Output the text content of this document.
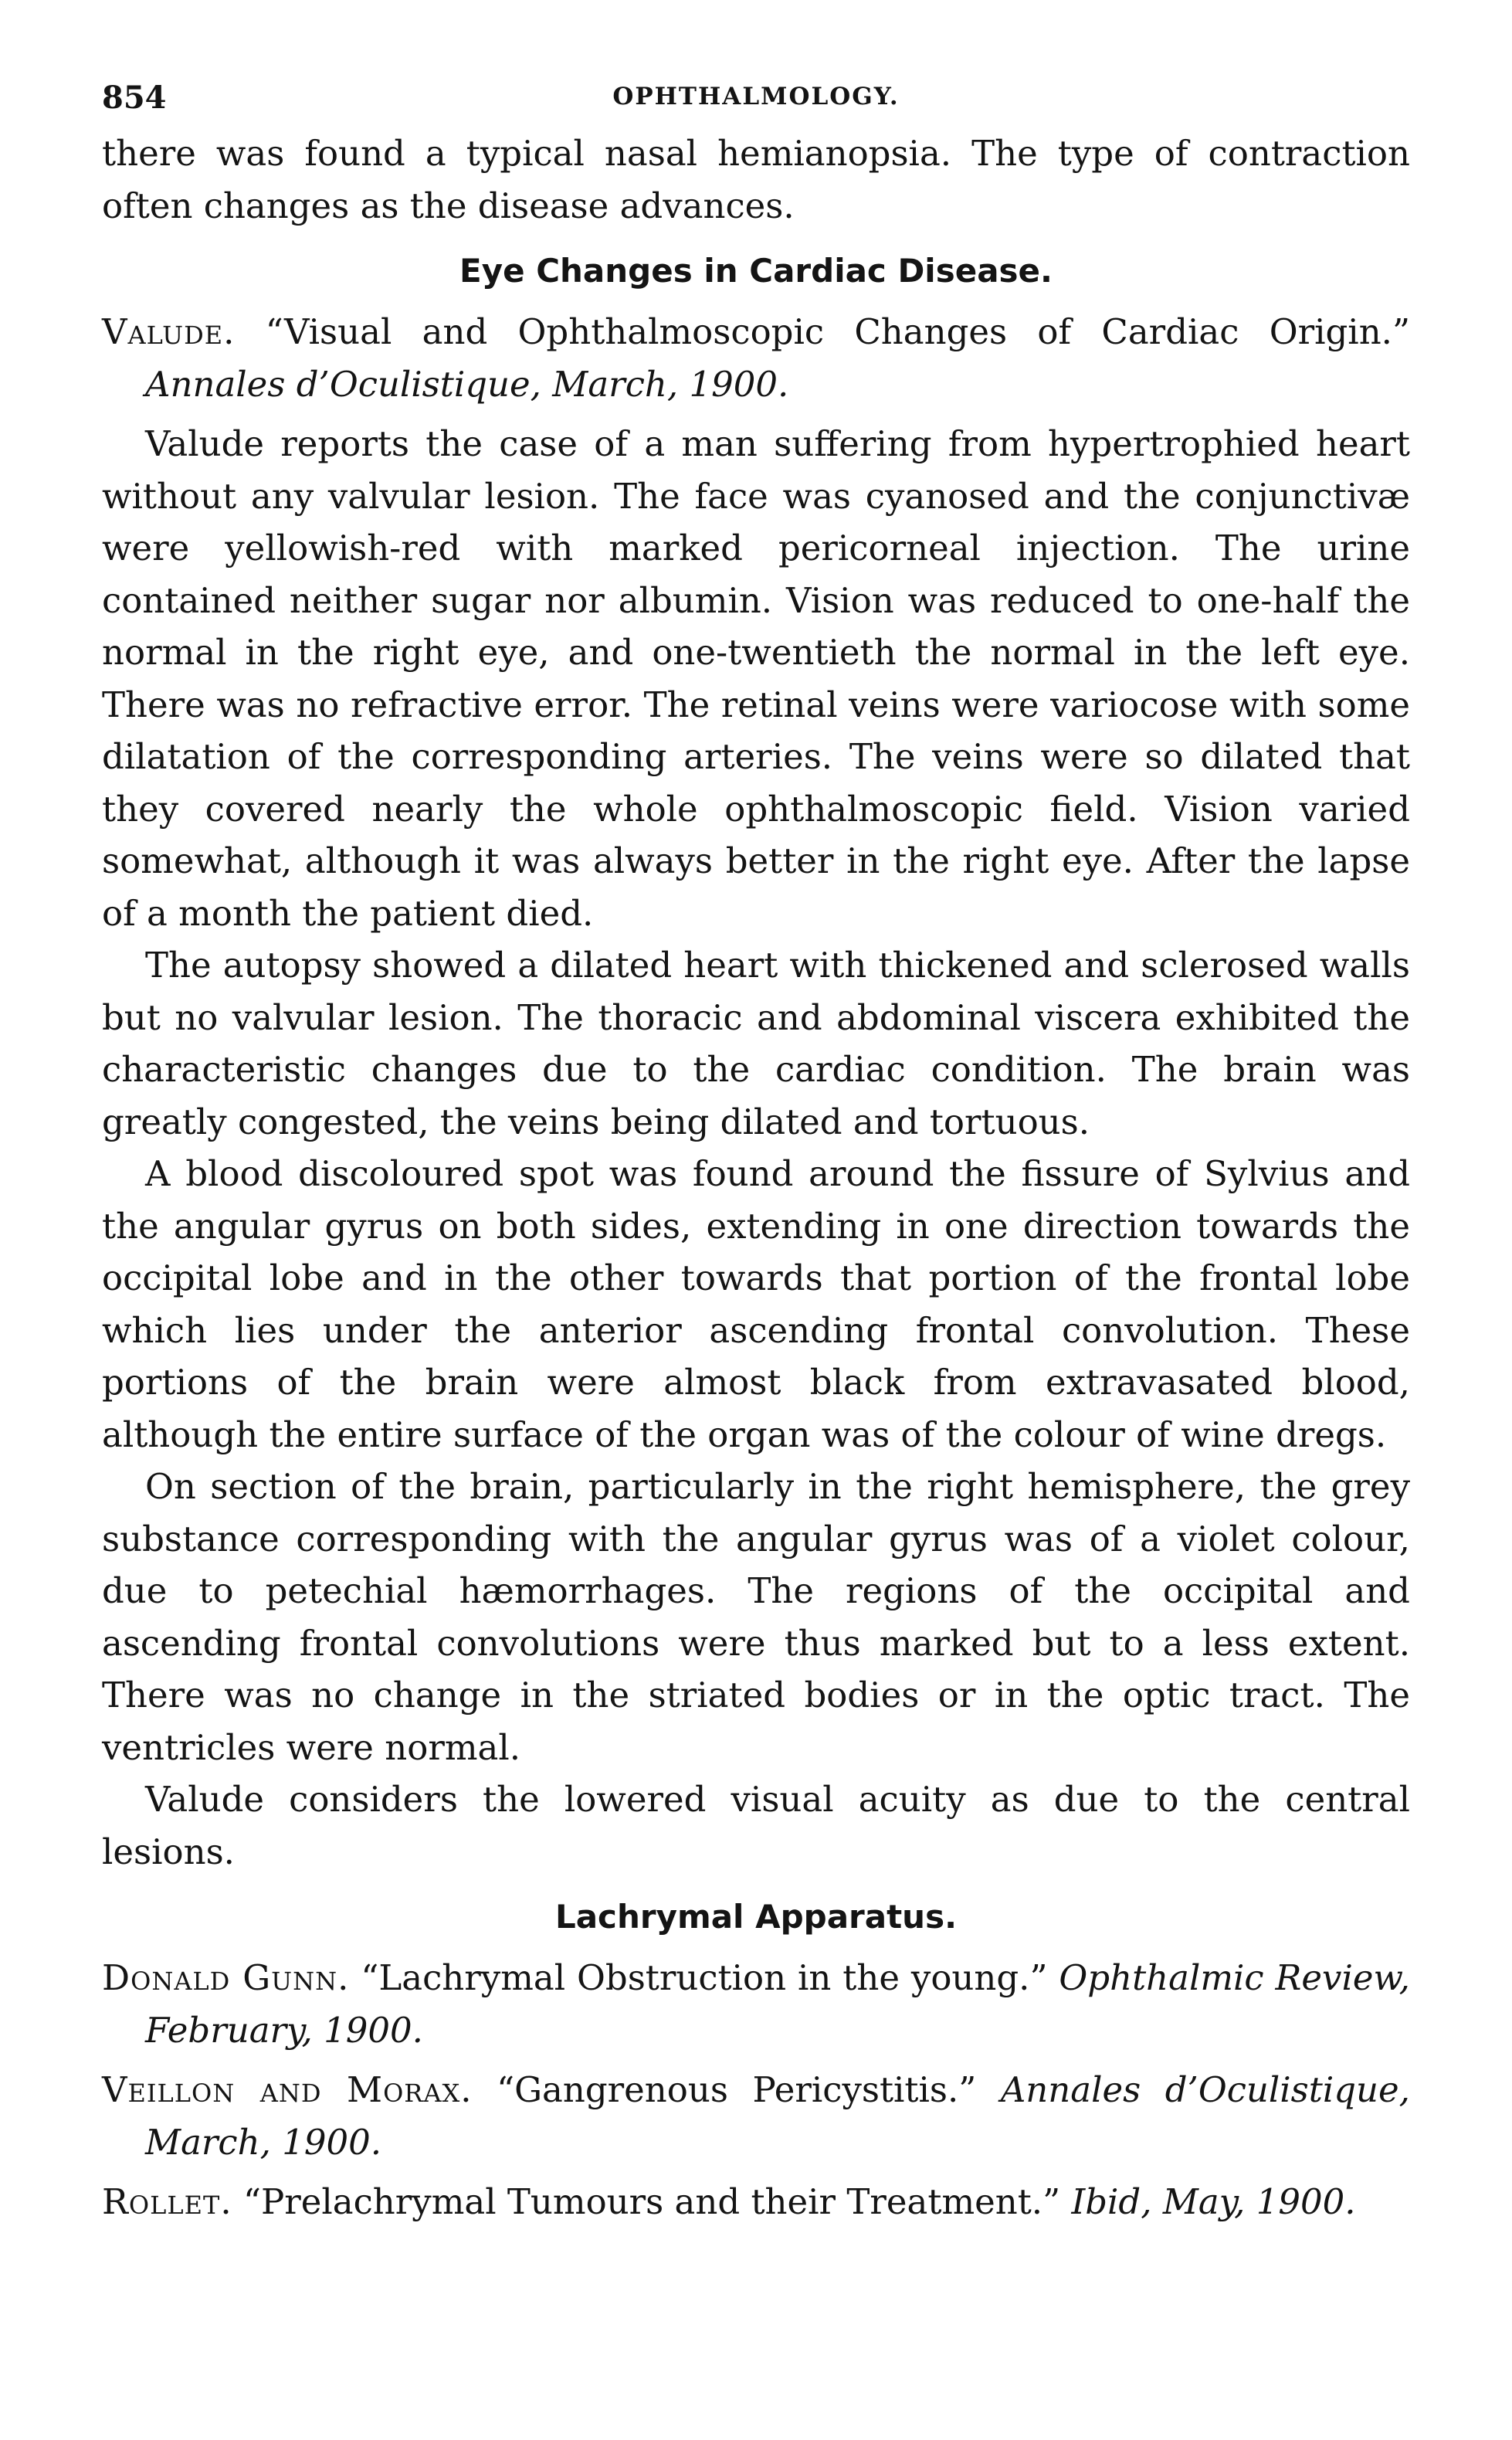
854	OPHTHALMOLOGY.

there was found a typical nasal hemianopsia. The type of contraction often changes as the disease advances.

Eye Changes in Cardiac Disease.

Valude. “Visual and Ophthalmoscopic Changes of Cardiac Origin.” Annales d’Oculistique, March, 1900.

Valude reports the case of a man suffering from hypertrophied heart without any valvular lesion. The face was cyanosed and the conjunctivæ were yellowish-red with marked pericorneal injection. The urine contained neither sugar nor albumin. Vision was reduced to one-half the normal in the right eye, and one-twentieth the normal in the left eye. There was no refractive error. The retinal veins were variocose with some dilatation of the corresponding arteries. The veins were so dilated that they covered nearly the whole ophthalmoscopic field. Vision varied somewhat, although it was always better in the right eye. After the lapse of a month the patient died.

The autopsy showed a dilated heart with thickened and sclerosed walls but no valvular lesion. The thoracic and abdominal viscera exhibited the characteristic changes due to the cardiac condition. The brain was greatly congested, the veins being dilated and tortuous.

A blood discoloured spot was found around the fissure of Sylvius and the angular gyrus on both sides, extending in one direction towards the occipital lobe and in the other towards that portion of the frontal lobe which lies under the anterior ascending frontal convolution. These portions of the brain were almost black from extravasated blood, although the entire surface of the organ was of the colour of wine dregs.

On section of the brain, particularly in the right hemisphere, the grey substance corresponding with the angular gyrus was of a violet colour, due to petechial hæmorrhages. The regions of the occipital and ascending frontal convolutions were thus marked but to a less extent. There was no change in the striated bodies or in the optic tract. The ventricles were normal.

Valude considers the lowered visual acuity as due to the central lesions.

Lachrymal Apparatus.

Donald Gunn. “Lachrymal Obstruction in the young.” Ophthalmic Review, February, 1900.

Veillon and Morax. “Gangrenous Pericystitis.” Annales d’Oculistique, March, 1900.

Rollet. “Prelachrymal Tumours and their Treatment.” Ibid, May, 1900.
